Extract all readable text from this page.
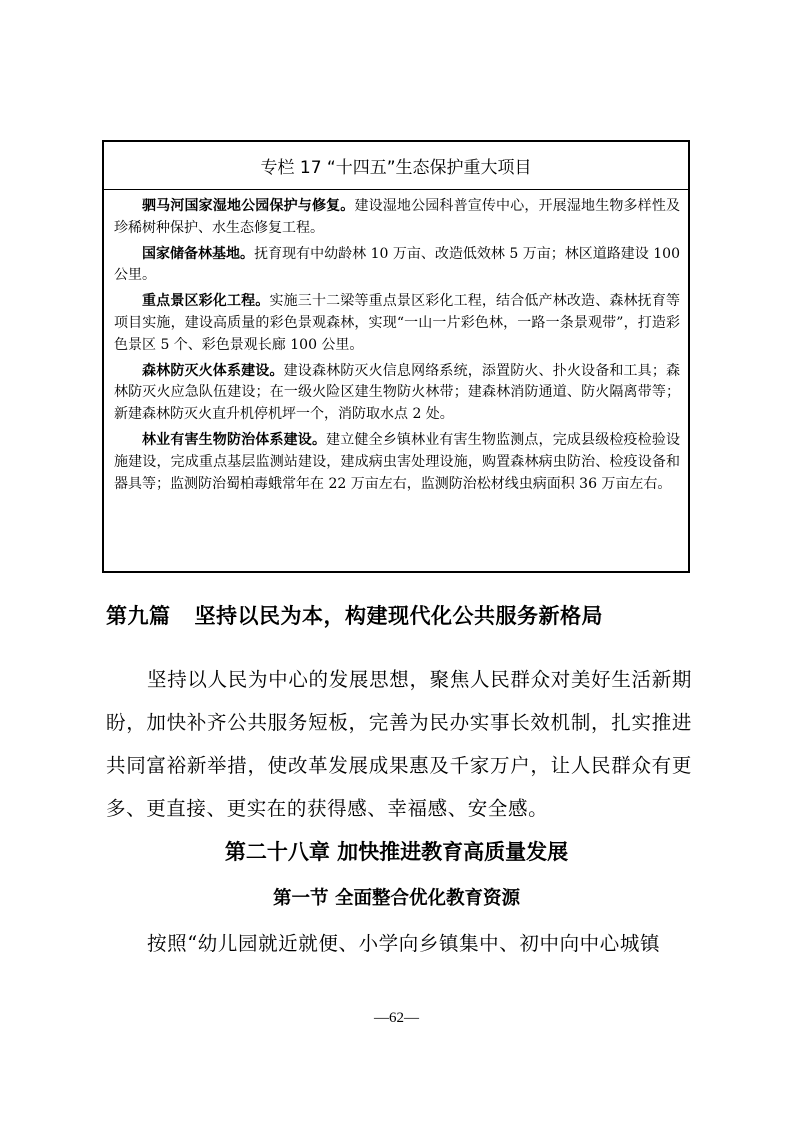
专栏 17 “十四五”生态保护重大项目

驷马河国家湿地公园保护与修复。建设湿地公园科普宣传中心，开展湿地生物多样性及珍稀树种保护、水生态修复工程。

国家储备林基地。抚育现有中幼龄林 10 万亩、改造低效林 5 万亩；林区道路建设 100 公里。

重点景区彩化工程。实施三十二梁等重点景区彩化工程，结合低产林改造、森林抚育等项目实施，建设高质量的彩色景观森林，实现“一山一片彩色林，一路一条景观带”，打造彩色景区 5 个、彩色景观长廊 100 公里。

森林防灭火体系建设。建设森林防灭火信息网络系统，添置防火、扑火设备和工具；森林防灭火应急队伍建设；在一级火险区建生物防火林带；建森林消防通道、防火隔离带等；新建森林防灭火直升机停机坪一个，消防取水点 2 处。

林业有害生物防治体系建设。建立健全乡镇林业有害生物监测点，完成县级检疫检验设施建设，完成重点基层监测站建设，建成病虫害处理设施，购置森林病虫防治、检疫设备和器具等；监测防治蜀柏毒蛾常年在 22 万亩左右，监测防治松材线虫病面积 36 万亩左右。

第九篇 坚持以民为本，构建现代化公共服务新格局

坚持以人民为中心的发展思想，聚焦人民群众对美好生活新期盼，加快补齐公共服务短板，完善为民办实事长效机制，扎实推进共同富裕新举措，使改革发展成果惠及千家万户，让人民群众有更多、更直接、更实在的获得感、幸福感、安全感。

第二十八章 加快推进教育高质量发展
第一节 全面整合优化教育资源

按照“幼儿园就近就便、小学向乡镇集中、初中向中心城镇

—62—
